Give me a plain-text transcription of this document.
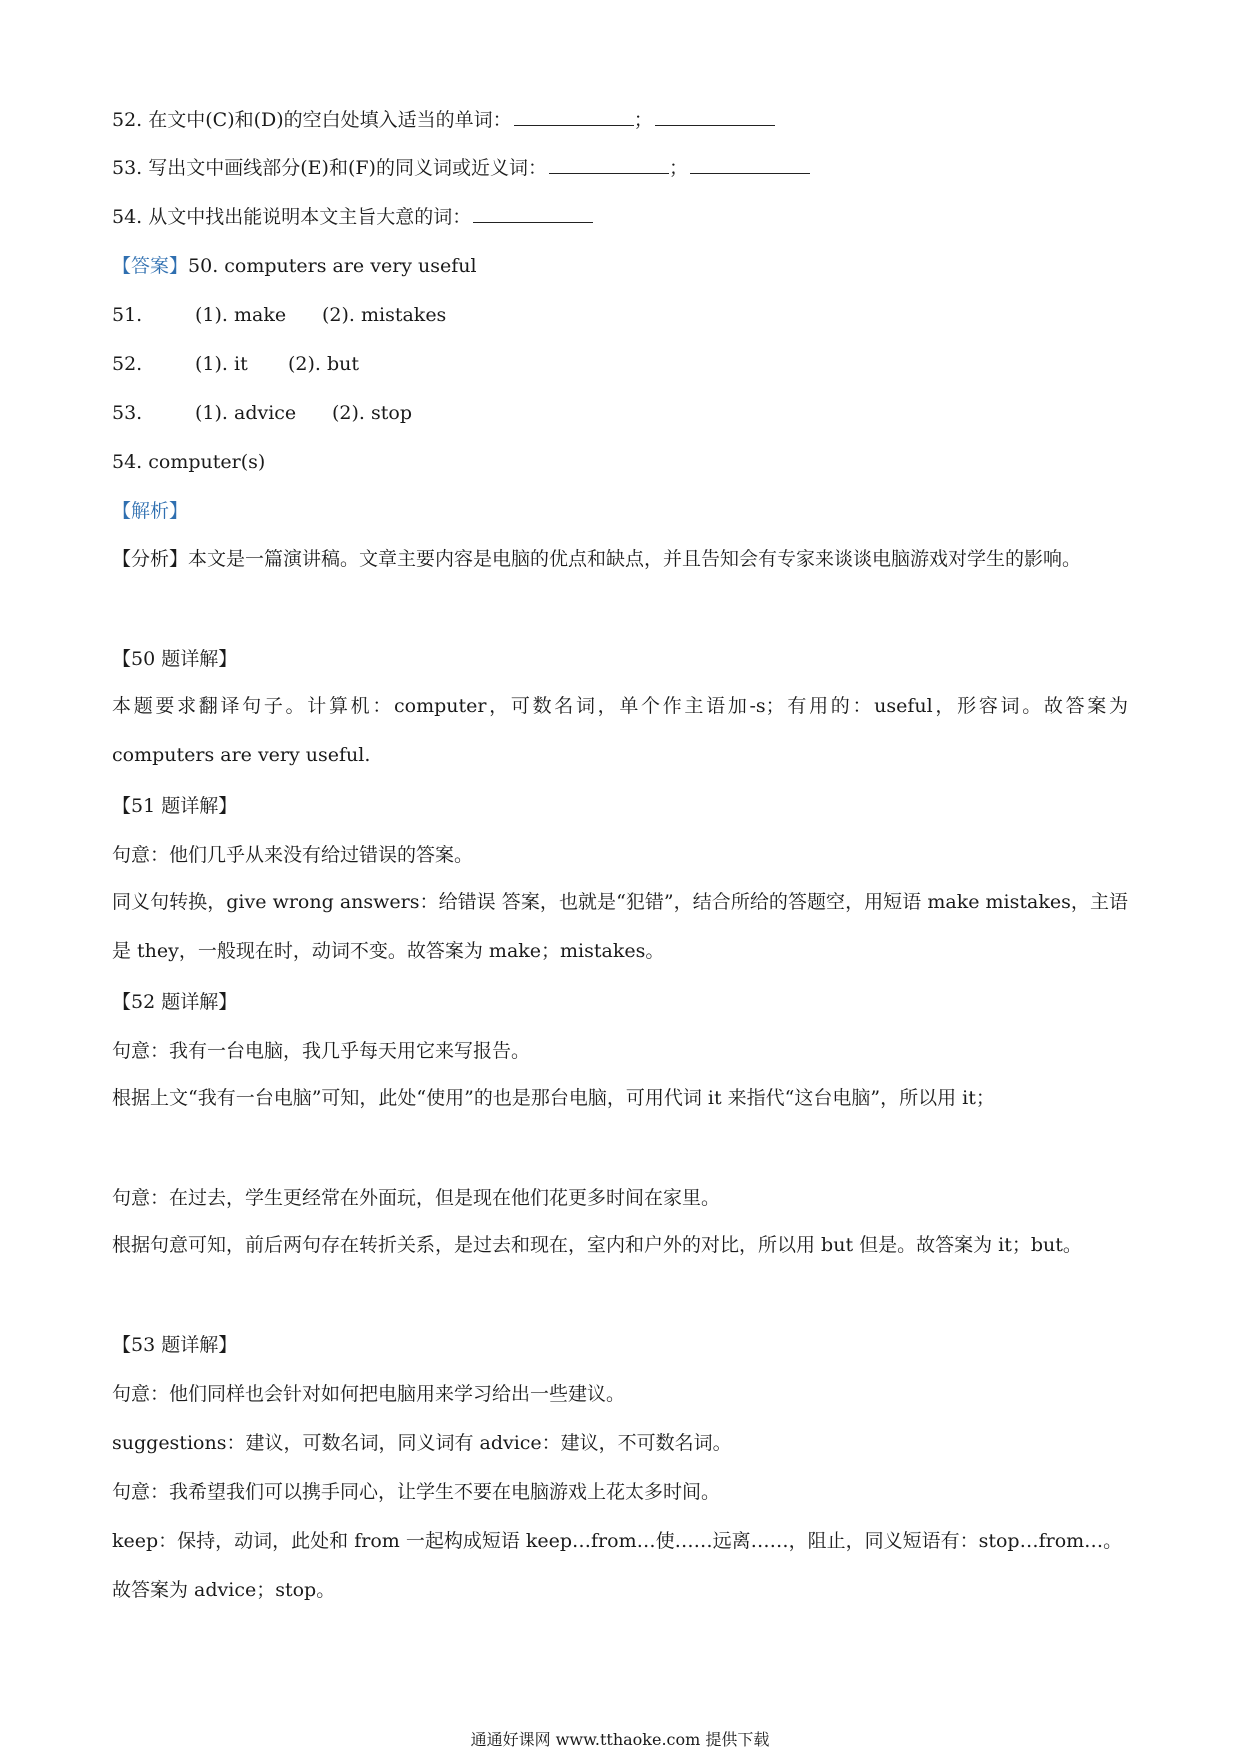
52. 在文中(C)和(D)的空白处填入适当的单词：	；
53. 写出文中画线部分(E)和(F)的同义词或近义词：	；
54. 从文中找出能说明本文主旨大意的词：
【答案】50. computers are very useful
51.	(1). make (2). mistakes
52.	(1). it (2). but
53.	(1). advice (2). stop
54. computer(s)
【解析】
【分析】本文是一篇演讲稿。文章主要内容是电脑的优点和缺点，并且告知会有专家来谈谈电脑游戏对学生的影响。
【50 题详解】
本题要求翻译句子。计算机：computer，可数名词，单个作主语加-s；有用的：useful，形容词。故答案为 computers are very useful.
【51 题详解】
句意：他们几乎从来没有给过错误的答案。
同义句转换，give wrong answers：给错误 答案，也就是“犯错”，结合所给的答题空，用短语 make mistakes，主语是 they，一般现在时，动词不变。故答案为 make；mistakes。
【52 题详解】
句意：我有一台电脑，我几乎每天用它来写报告。
根据上文“我有一台电脑”可知，此处“使用”的也是那台电脑，可用代词 it 来指代“这台电脑”，所以用 it；
句意：在过去，学生更经常在外面玩，但是现在他们花更多时间在家里。
根据句意可知，前后两句存在转折关系，是过去和现在，室内和户外的对比，所以用 but 但是。故答案为 it；but。
【53 题详解】
句意：他们同样也会针对如何把电脑用来学习给出一些建议。
suggestions：建议，可数名词，同义词有 advice：建议，不可数名词。
句意：我希望我们可以携手同心，让学生不要在电脑游戏上花太多时间。
keep：保持，动词，此处和 from 一起构成短语 keep…from…使……远离……，阻止，同义短语有：stop…from…。
故答案为 advice；stop。
通通好课网 www.tthaoke.com 提供下载
